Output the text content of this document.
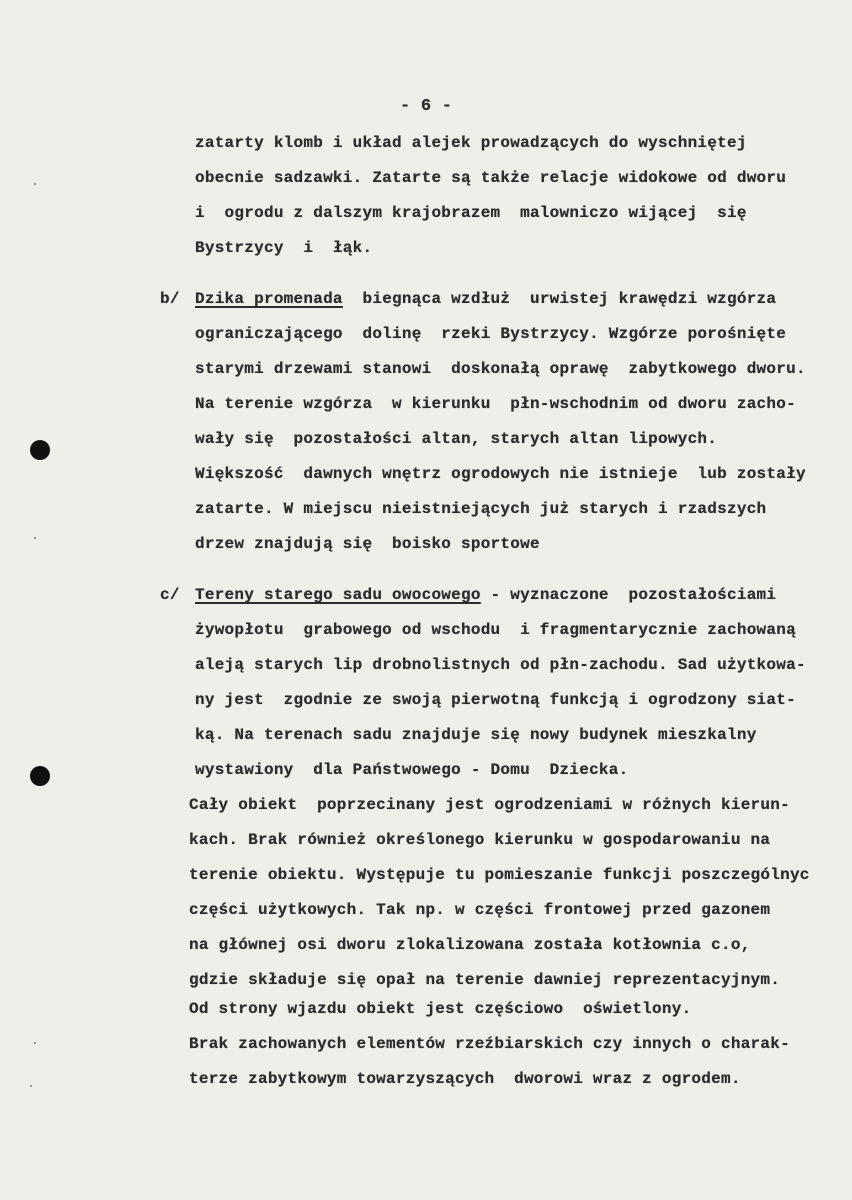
- 6 -
zatarty klomb i układ alejek prowadzących do wyschniętej
obecnie sadzawki. Zatarte są także relacje widokowe od dworu
i  ogrodu z dalszym krajobrazem  malowniczo wijącej  się
Bystrzycy  i  łąk.
b/ Dzika promenada  biegnąca wzdłuż  urwistej krawędzi wzgórza
ograniczającego  dolinę  rzeki Bystrzycy. Wzgórze porośnięte
starymi drzewami stanowi  doskonałą oprawę  zabytkowego dworu.
Na terenie wzgórza  w kierunku  płn-wschodnim od dworu zacho-
wały się  pozostałości altan, starych altan lipowych.
Większość  dawnych wnętrz ogrodowych nie istnieje  lub zostały
zatarte. W miejscu nieistniejących już starych i rzadszych
drzew znajdują się  boisko sportowe
c/ Tereny starego sadu owocowego - wyznaczone  pozostałościami
żywopłotu  grabowego od wschodu  i fragmentarycznie zachowaną
aleją starych lip drobnolistnych od płn-zachodu. Sad użytkowa-
ny jest  zgodnie ze swoją pierwotną funkcją i ogrodzony siat-
ką. Na terenach sadu znajduje się nowy budynek mieszkalny
wystawiony  dla Państwowego - Domu  Dziecka.
Cały obiekt  poprzecinany jest ogrodzeniami w różnych kierun-
kach. Brak również określonego kierunku w gospodarowaniu na
terenie obiektu. Występuje tu pomieszanie funkcji poszczególnyc
części użytkowych. Tak np. w części frontowej przed gazonem
na głównej osi dworu zlokalizowana została kotłownia c.o,
gdzie składuje się opał na terenie dawniej reprezentacyjnym.
Od strony wjazdu obiekt jest częściowo  oświetlony.
Brak zachowanych elementów rzeźbiarskich czy innych o charak-
terze zabytkowym towarzyszących  dworowi wraz z ogrodem.
